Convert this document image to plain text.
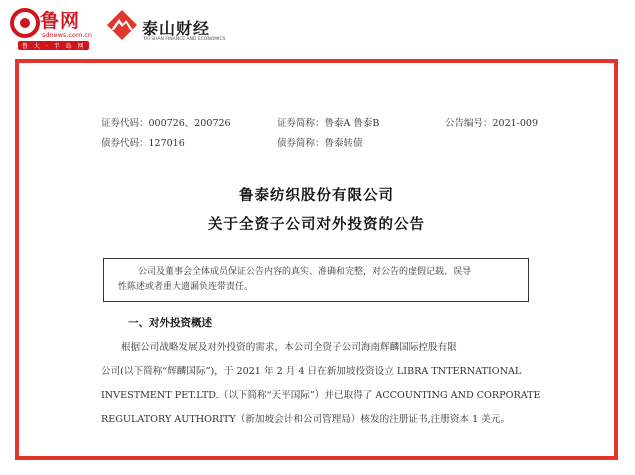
鲁网
sdnews.com.cn
鲁 大 · 半 岛 网
泰山财经
TAI SHAN FINANCE AND ECONOMICS
证券代码：000726、200726	证券简称：鲁泰A 鲁泰B	公告编号：2021-009
债券代码：127016	债券简称：鲁泰转债
鲁泰纺织股份有限公司
关于全资子公司对外投资的公告
公司及董事会全体成员保证公告内容的真实、准确和完整，对公告的虚假记载、误导
性陈述或者重大遗漏负连带责任。
一、对外投资概述
根据公司战略发展及对外投资的需求，本公司全资子公司海南辉麟国际控股有限
公司(以下简称“辉麟国际”)，于 2021 年 2 月 4 日在新加坡投资设立 LIBRA TNTERNATIONAL
INVESTMENT PET.LTD.（以下简称“天平国际”）并已取得了 ACCOUNTING AND CORPORATE
REGULATORY AUTHORITY（新加坡会计和公司管理局）核发的注册证书,注册资本 1 美元。
